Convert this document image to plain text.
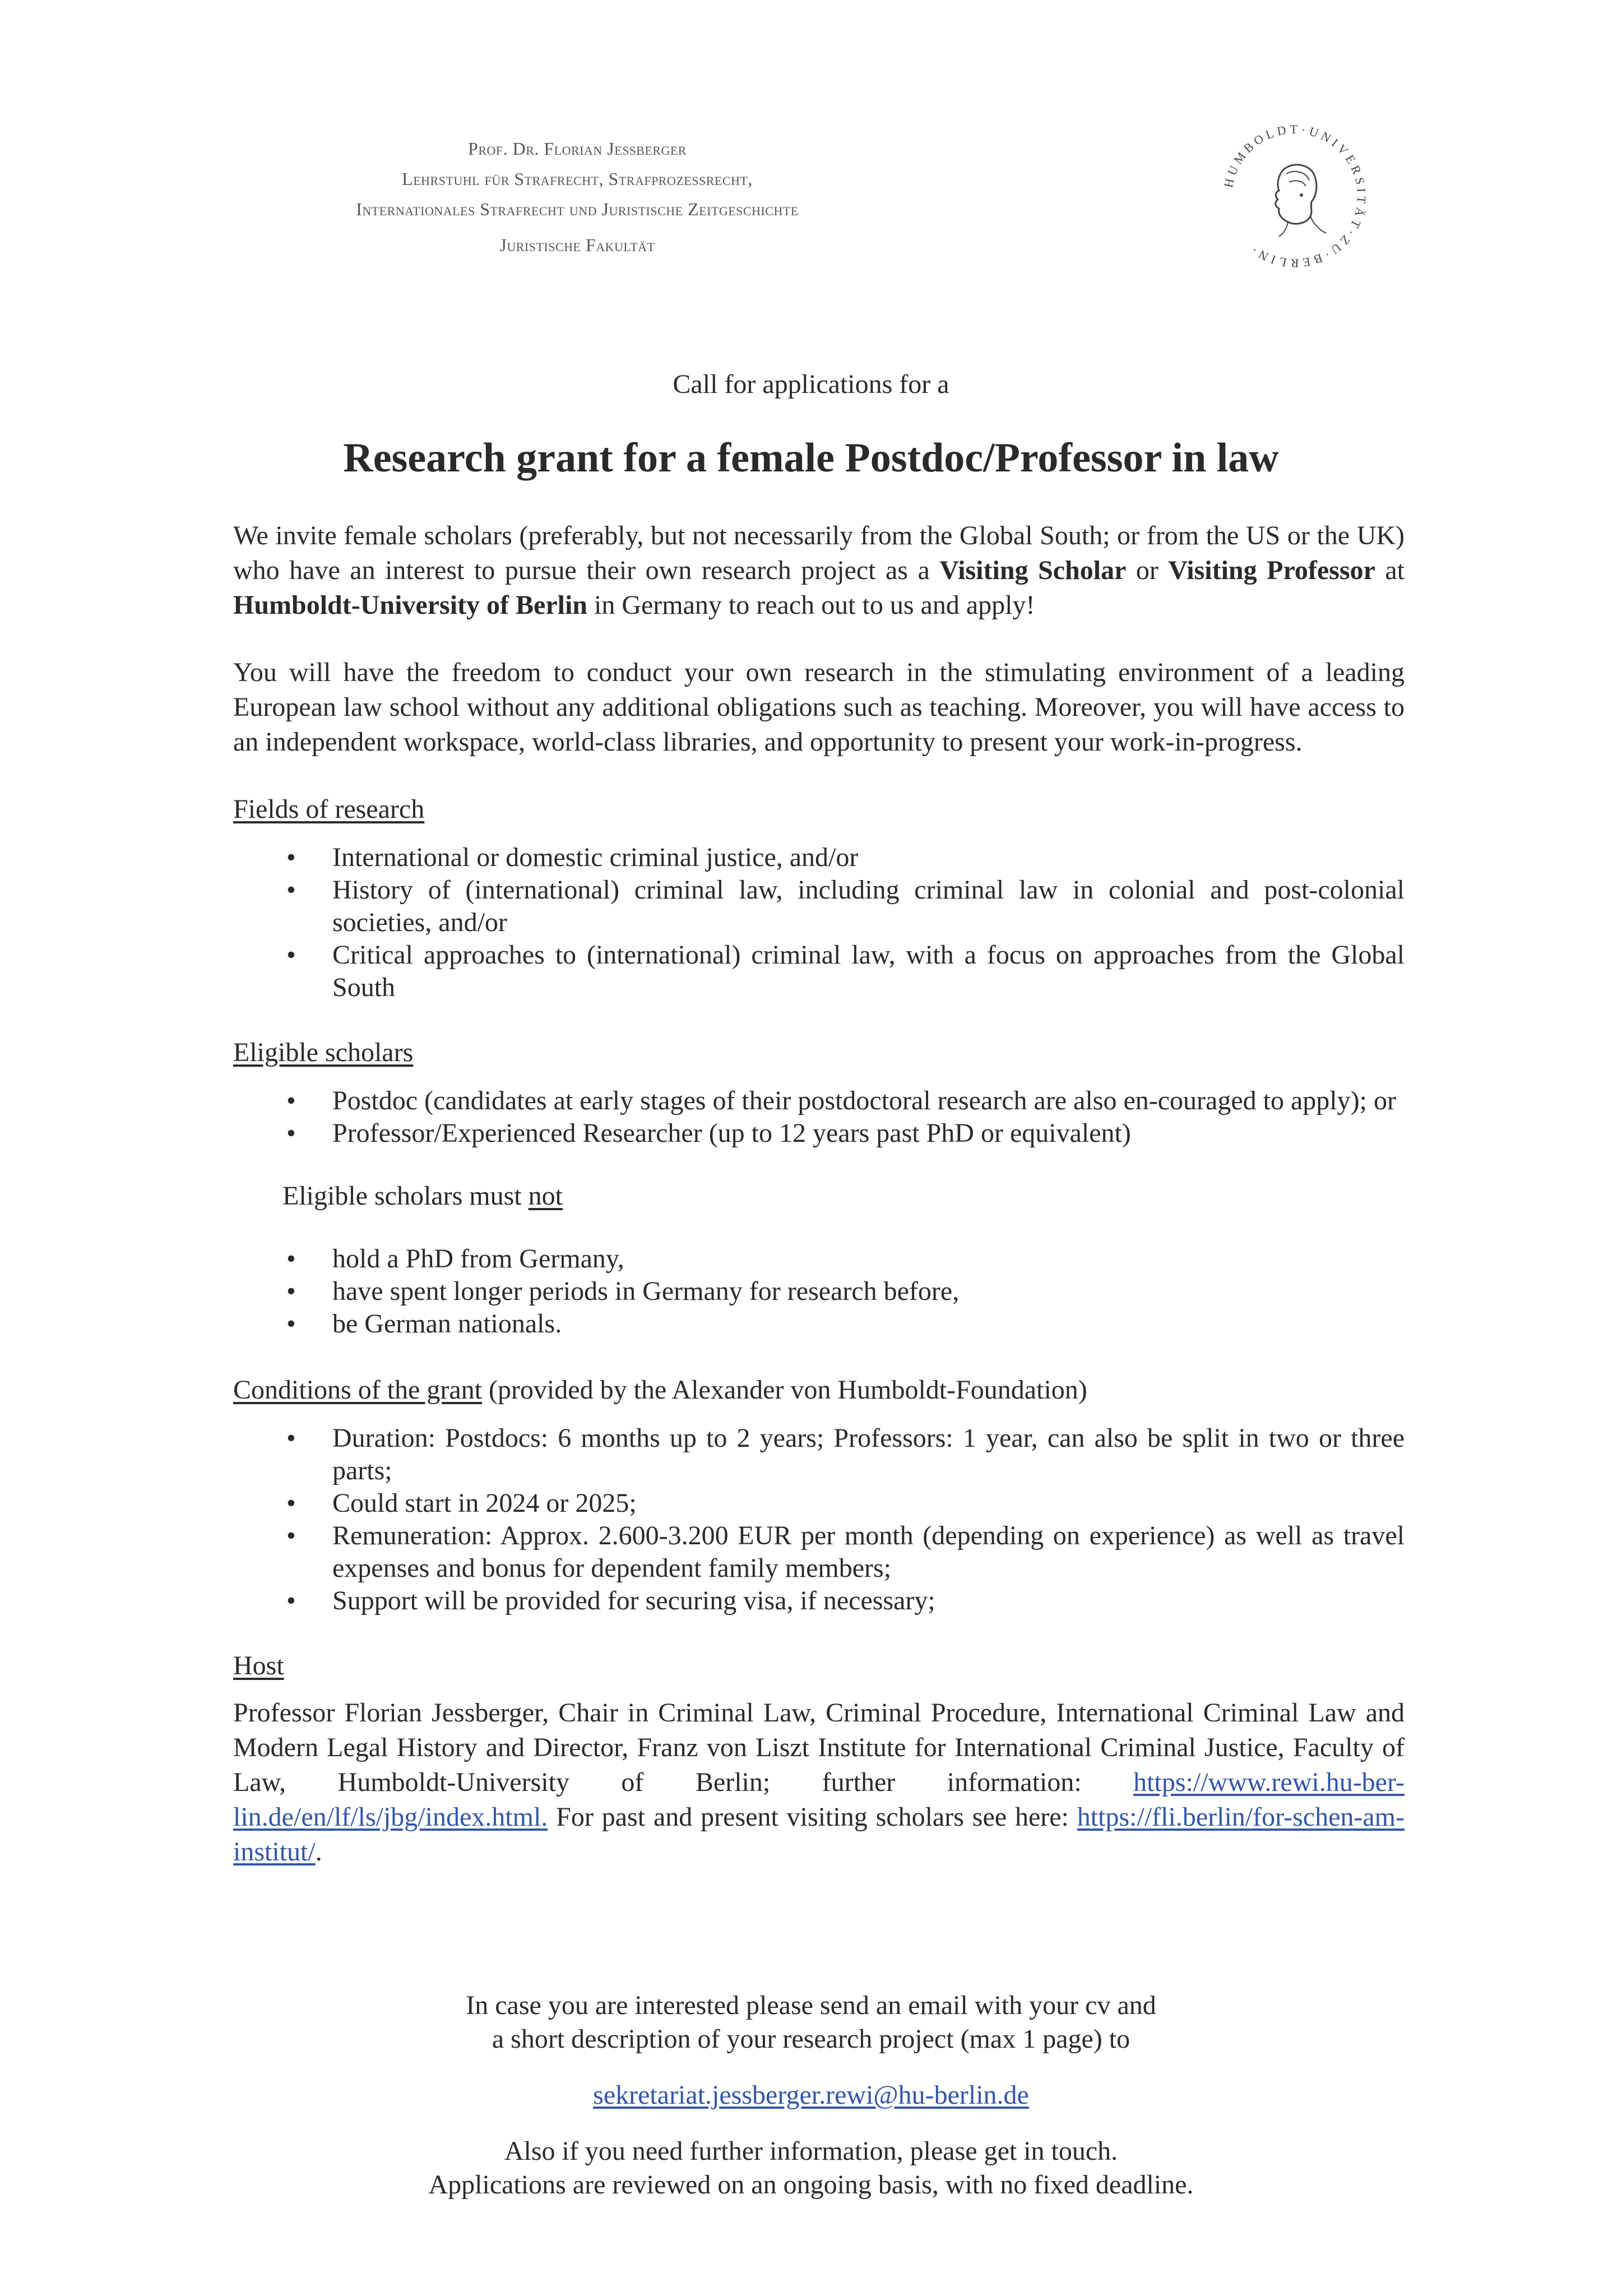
Prof. Dr. Florian Jeßberger
Lehrstuhl für Strafrecht, Strafprozessrecht,
Internationales Strafrecht und Juristische Zeitgeschichte
Juristische Fakultät
HUMBOLDT·UNIVERSITÄT·ZU·BERLIN·
Call for applications for a
Research grant for a female Postdoc/Professor in law

We invite female scholars (preferably, but not necessarily from the Global South; or from the US or the UK) who have an interest to pursue their own research project as a Visiting Scholar or Visiting Professor at Humboldt-University of Berlin in Germany to reach out to us and apply!

You will have the freedom to conduct your own research in the stimulating environment of a leading European law school without any additional obligations such as teaching. Moreover, you will have access to an independent workspace, world-class libraries, and opportunity to present your work-in-progress.

Fields of research
• International or domestic criminal justice, and/or
• History of (international) criminal law, including criminal law in colonial and post-colonial societies, and/or
• Critical approaches to (international) criminal law, with a focus on approaches from the Global South
Eligible scholars
• Postdoc (candidates at early stages of their postdoctoral research are also en-couraged to apply); or
• Professor/Experienced Researcher (up to 12 years past PhD or equivalent)
Eligible scholars must not
• hold a PhD from Germany,
• have spent longer periods in Germany for research before,
• be German nationals.
Conditions of the grant (provided by the Alexander von Humboldt-Foundation)
• Duration: Postdocs: 6 months up to 2 years; Professors: 1 year, can also be split in two or three parts;
• Could start in 2024 or 2025;
• Remuneration: Approx. 2.600-3.200 EUR per month (depending on experience) as well as travel expenses and bonus for dependent family members;
• Support will be provided for securing visa, if necessary;
Host

Professor Florian Jessberger, Chair in Criminal Law, Criminal Procedure, International Criminal Law and Modern Legal History and Director, Franz von Liszt Institute for International Criminal Justice, Faculty of Law, Humboldt-University of Berlin; further information: https://www.rewi.hu-ber-lin.de/en/lf/ls/jbg/index.html. For past and present visiting scholars see here: https://fli.berlin/for-schen-am-institut/.

In case you are interested please send an email with your cv and
a short description of your research project (max 1 page) to
sekretariat.jessberger.rewi@hu-berlin.de
Also if you need further information, please get in touch.
Applications are reviewed on an ongoing basis, with no fixed deadline.
